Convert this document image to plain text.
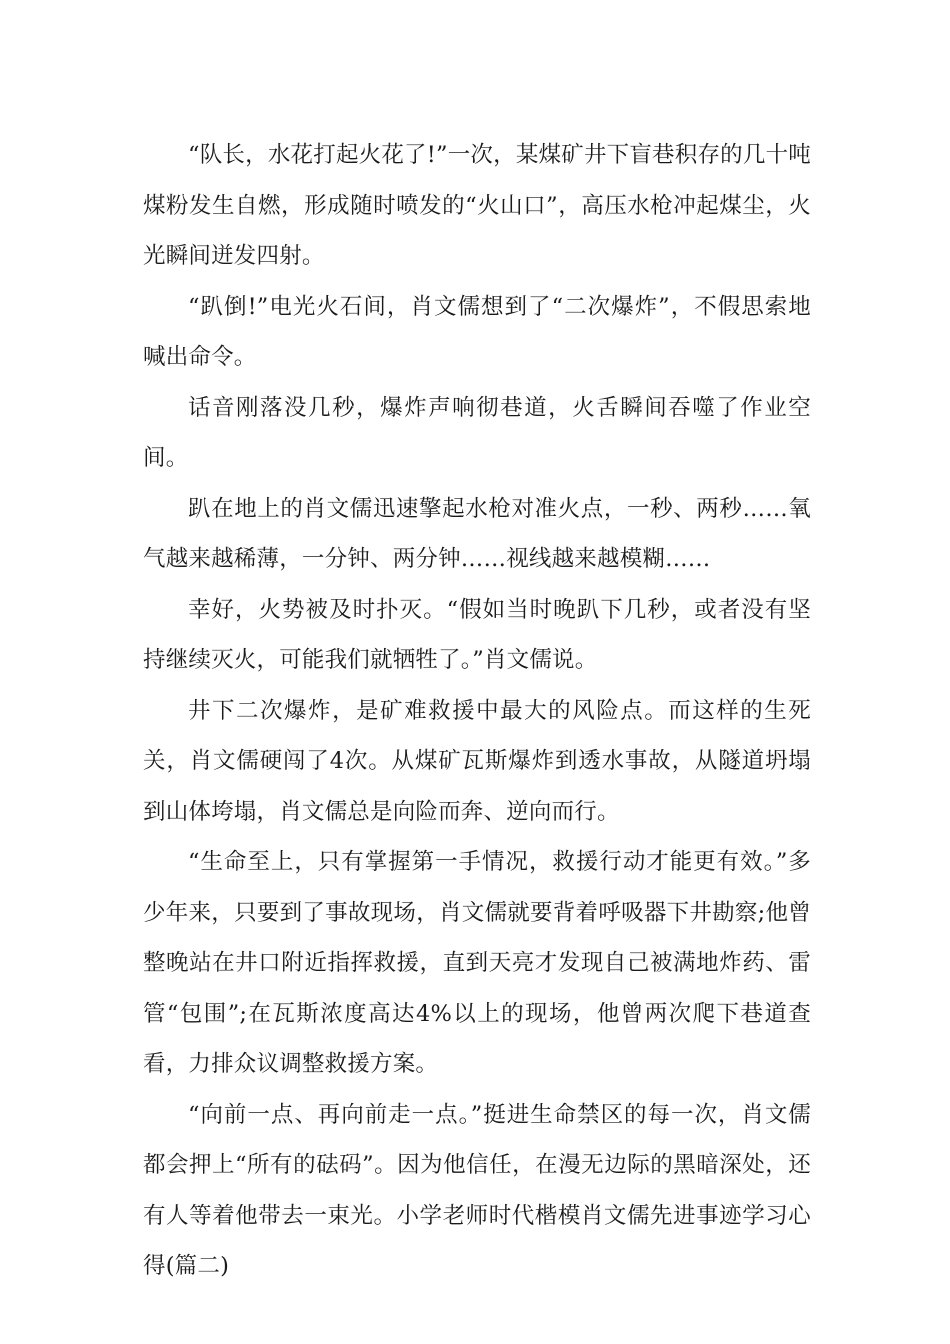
“队长，水花打起火花了!”一次，某煤矿井下盲巷积存的几十吨煤粉发生自燃，形成随时喷发的“火山口”，高压水枪冲起煤尘，火光瞬间迸发四射。

“趴倒!”电光火石间，肖文儒想到了“二次爆炸”，不假思索地喊出命令。

话音刚落没几秒，爆炸声响彻巷道，火舌瞬间吞噬了作业空间。

趴在地上的肖文儒迅速擎起水枪对准火点，一秒、两秒……氧气越来越稀薄，一分钟、两分钟……视线越来越模糊……

幸好，火势被及时扑灭。“假如当时晚趴下几秒，或者没有坚持继续灭火，可能我们就牺牲了。”肖文儒说。

井下二次爆炸，是矿难救援中最大的风险点。而这样的生死关，肖文儒硬闯了4次。从煤矿瓦斯爆炸到透水事故，从隧道坍塌到山体垮塌，肖文儒总是向险而奔、逆向而行。

“生命至上，只有掌握第一手情况，救援行动才能更有效。”多少年来，只要到了事故现场，肖文儒就要背着呼吸器下井勘察;他曾整晚站在井口附近指挥救援，直到天亮才发现自己被满地炸药、雷管“包围”;在瓦斯浓度高达4%以上的现场，他曾两次爬下巷道查看，力排众议调整救援方案。

“向前一点、再向前走一点。”挺进生命禁区的每一次，肖文儒都会押上“所有的砝码”。因为他信任，在漫无边际的黑暗深处，还有人等着他带去一束光。小学老师时代楷模肖文儒先进事迹学习心得(篇二)
